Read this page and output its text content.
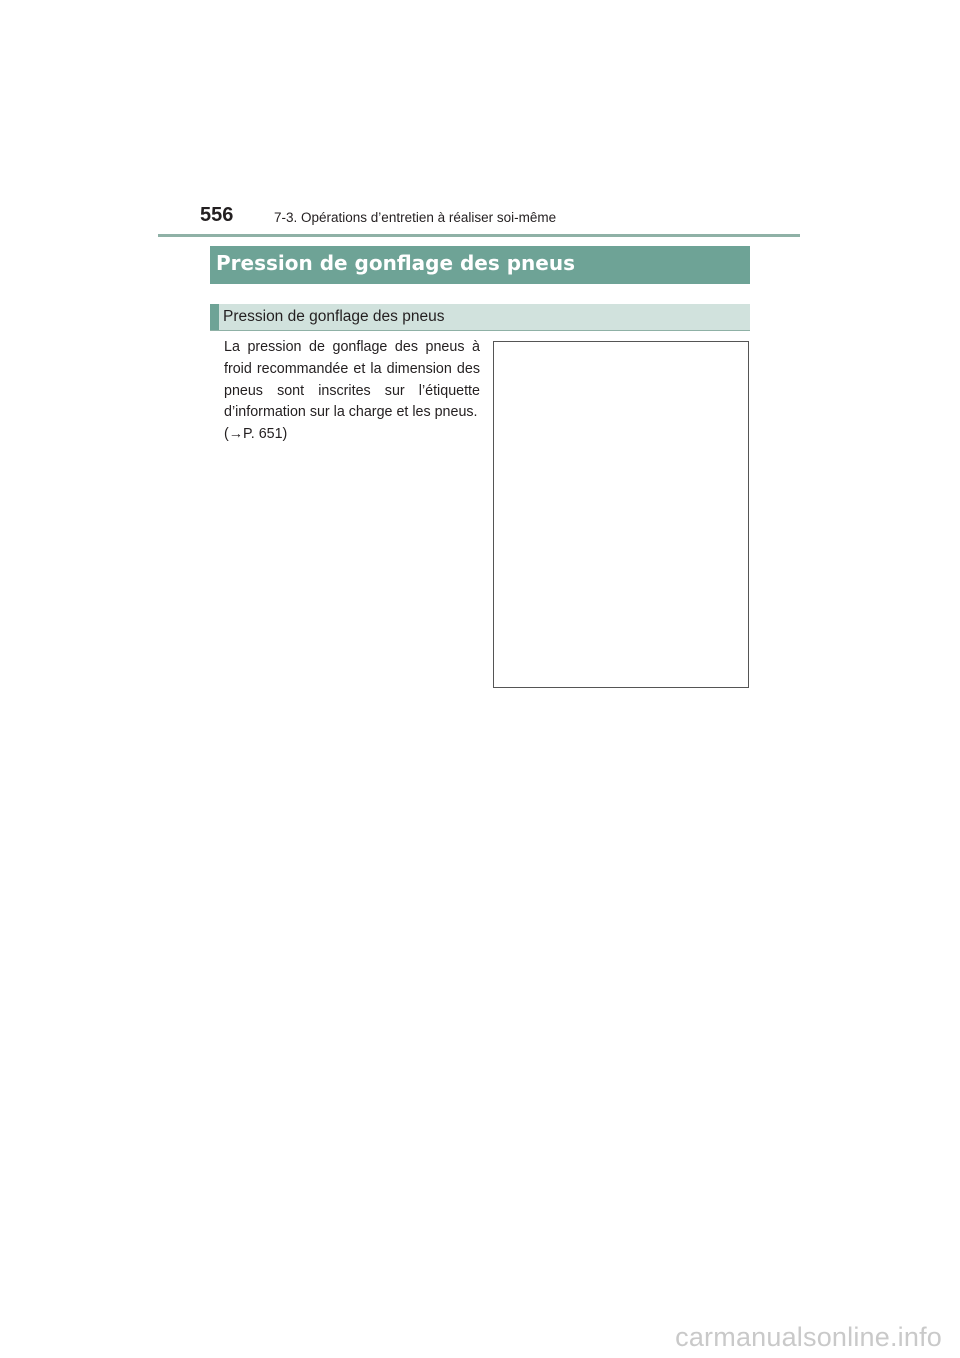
556	7-3. Opérations d’entretien à réaliser soi-même
Pression de gonflage des pneus
Pression de gonflage des pneus
La pression de gonflage des pneus à froid recommandée et la dimension des pneus sont inscrites sur l’étiquette d’information sur la charge et les pneus.
(→P. 651)
carmanualsonline.info
